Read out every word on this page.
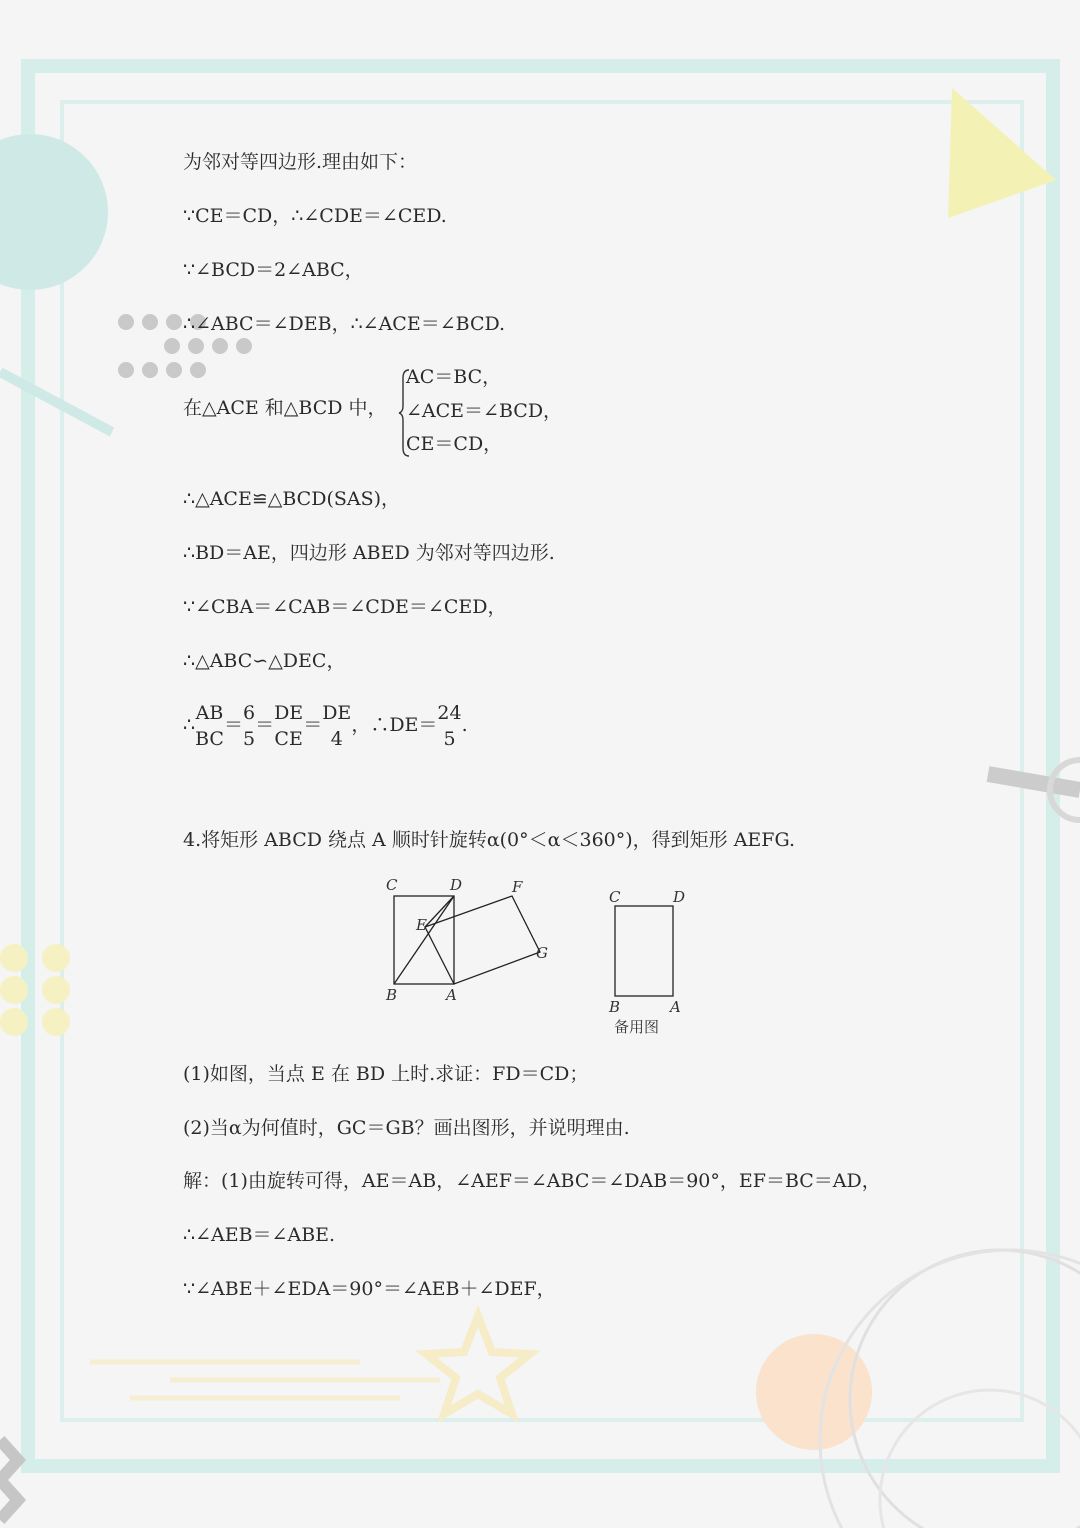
为邻对等四边形.理由如下：
∵CE＝CD，∴∠CDE＝∠CED.
∵∠BCD＝2∠ABC，
∴∠ABC＝∠DEB，∴∠ACE＝∠BCD.
在△ACE 和△BCD 中，
AC＝BC，
∠ACE＝∠BCD，
CE＝CD，
∴△ACE≌△BCD(SAS)，
∴BD＝AE，四边形 ABED 为邻对等四边形.
∵∠CBA＝∠CAB＝∠CDE＝∠CED，
∴△ABC∽△DEC，
∴
AB
BC
＝
6
5
＝
DE
CE
＝
DE
4
，∴DE＝
24
5
.
4.将矩形 ABCD 绕点 A 顺时针旋转α(0°＜α＜360°)，得到矩形 AEFG.
C	D	F
E
G
B	A
C	D
B	A
备用图
(1)如图，当点 E 在 BD 上时.求证：FD＝CD；
(2)当α为何值时，GC＝GB？画出图形，并说明理由.
解：(1)由旋转可得，AE＝AB，∠AEF＝∠ABC＝∠DAB＝90°，EF＝BC＝AD，
∴∠AEB＝∠ABE.
∵∠ABE＋∠EDA＝90°＝∠AEB＋∠DEF，
